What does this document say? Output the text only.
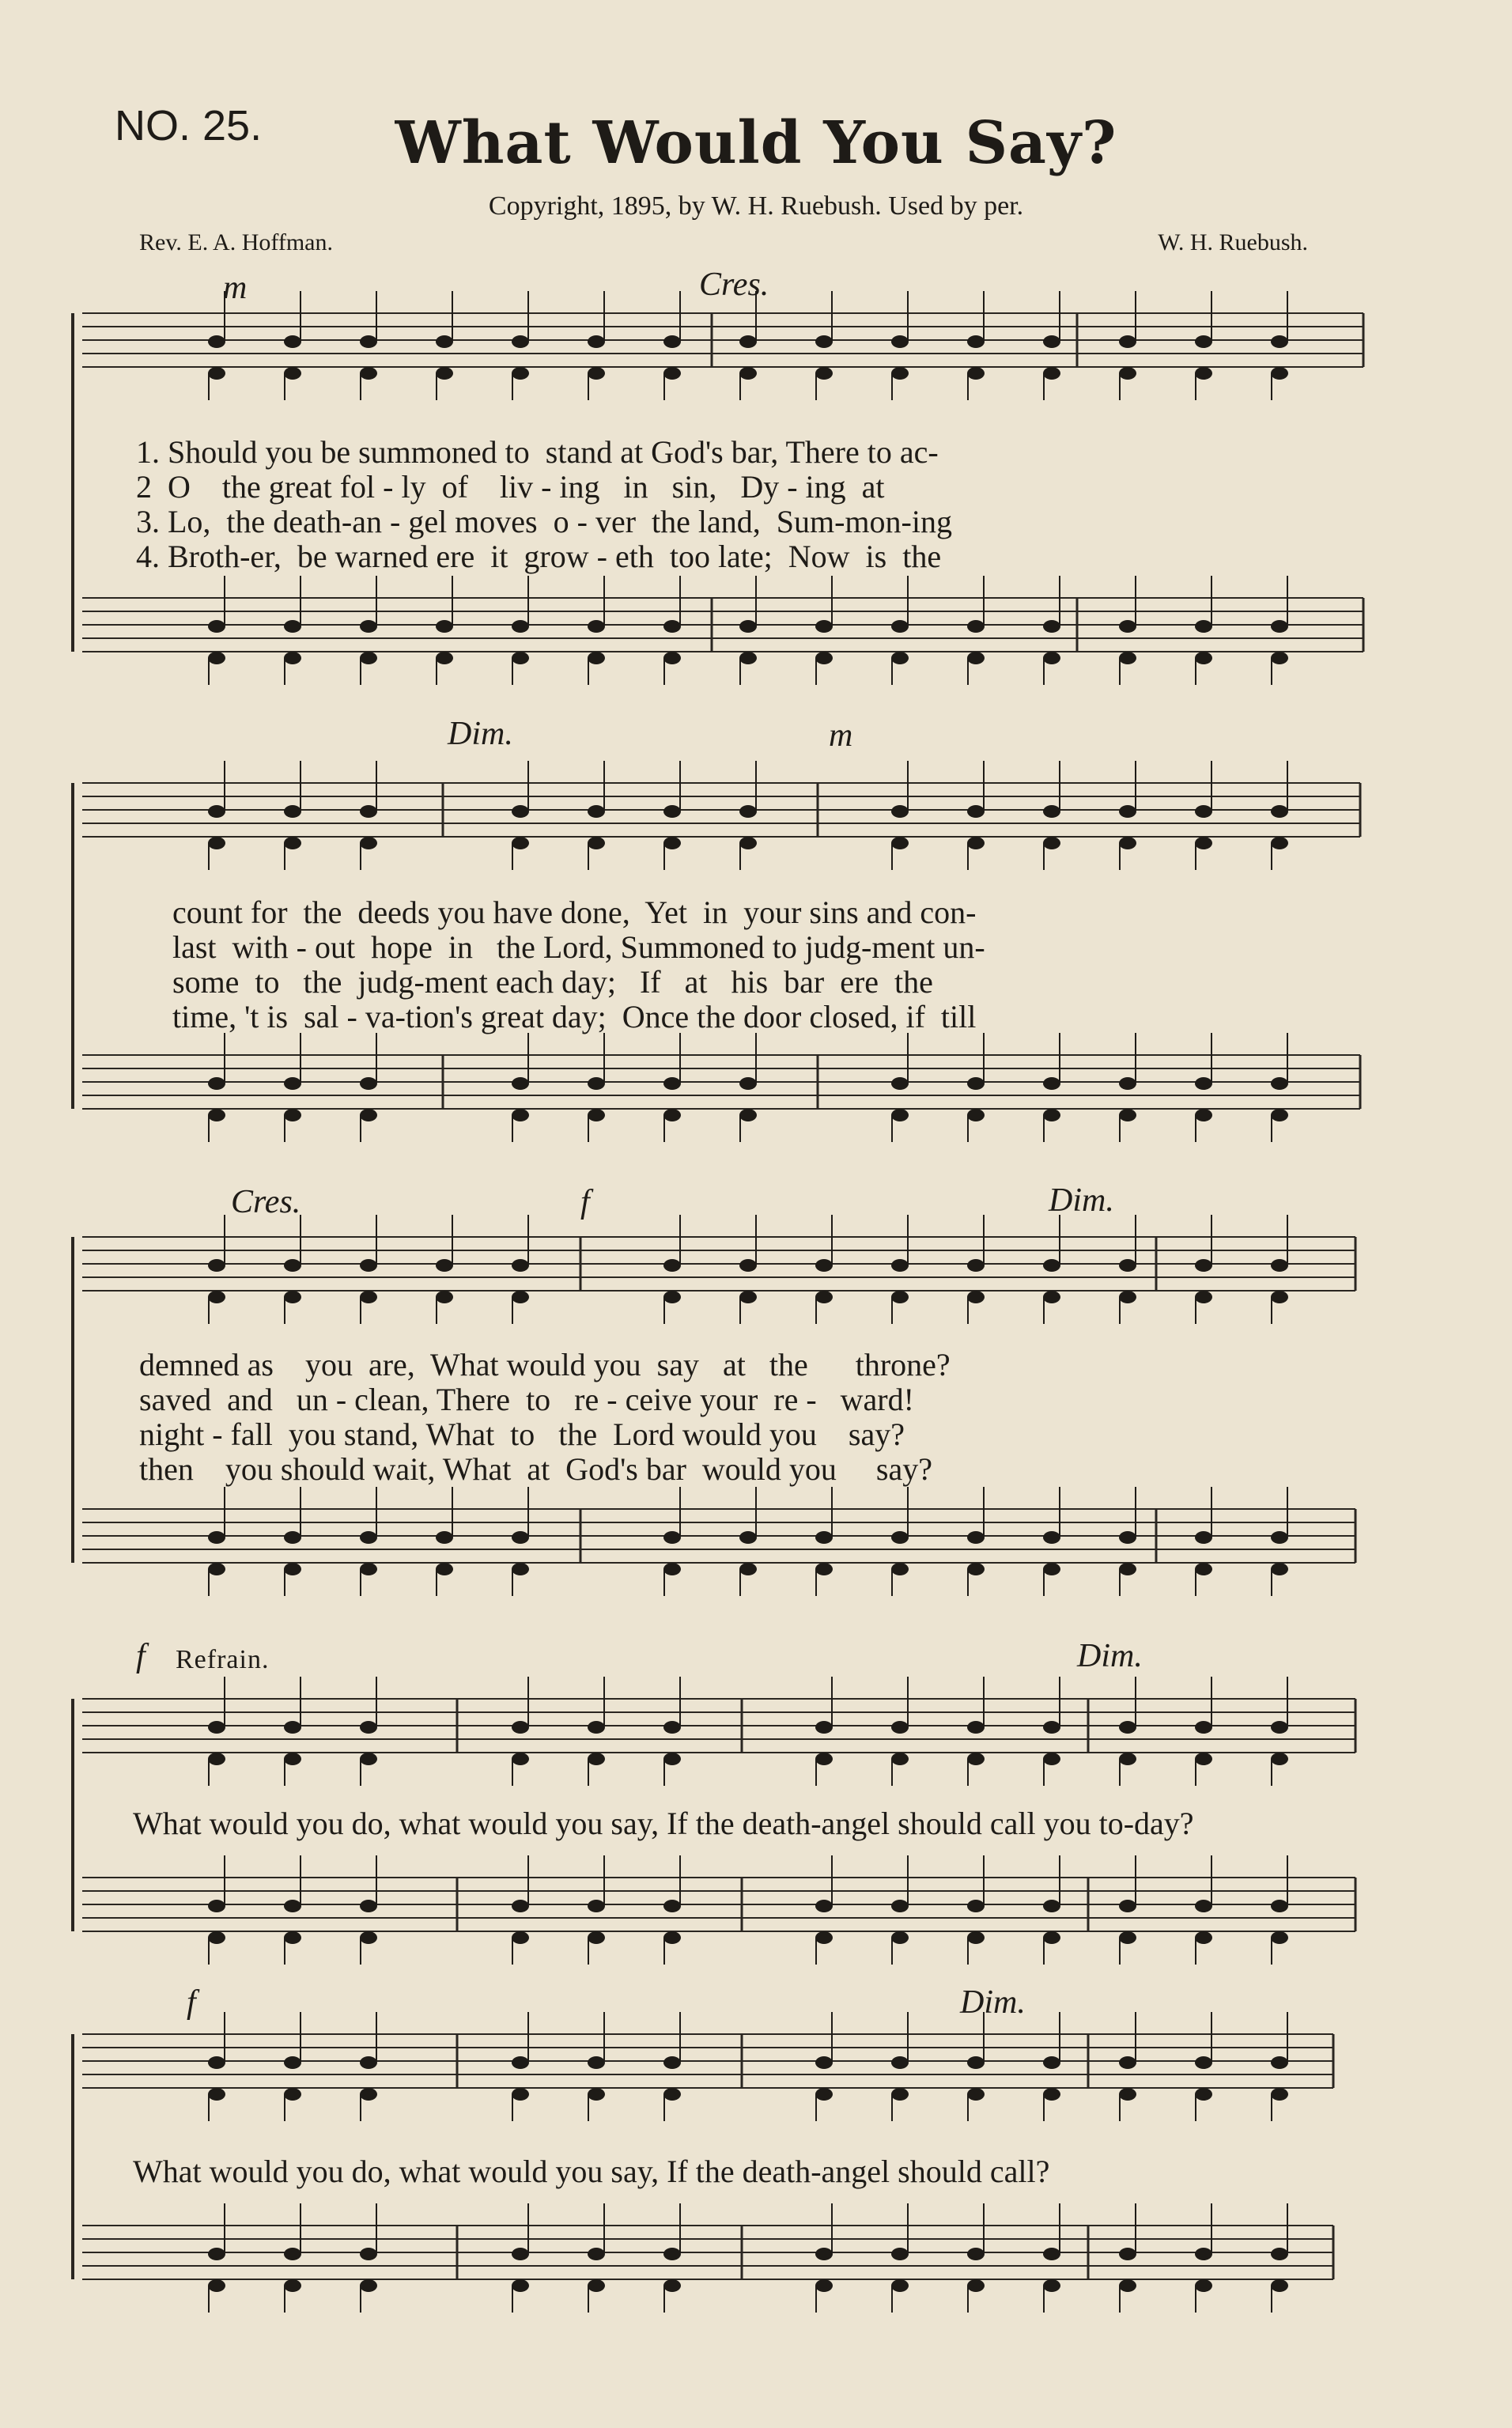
NO. 25.	What Would You Say?
Copyright, 1895, by W. H. Ruebush. Used by per.
Rev. E. A. Hoffman.	W. H. Ruebush.
m	Cres.
Dim.	m
Cres.	f	Dim.
f Refrain.	Dim.
f	Dim.
1. Should you be summoned to  stand at God's bar, There to ac-
2  O    the great fol - ly  of    liv - ing   in   sin,   Dy - ing  at
3. Lo,  the death-an - gel moves  o - ver  the land,  Sum-mon-ing
4. Broth-er,  be warned ere  it  grow - eth  too late;  Now  is  the
count for  the  deeds you have done,  Yet  in  your sins and con-
last  with - out  hope  in   the Lord, Summoned to judg-ment un-
some  to   the  judg-ment each day;   If   at   his  bar  ere  the
time, 't is  sal - va-tion's great day;  Once the door closed, if  till
demned as    you  are,  What would you  say   at   the      throne?
saved  and   un - clean, There  to   re - ceive your  re -   ward!
night - fall  you stand, What  to   the  Lord would you    say?
then    you should wait, What  at  God's bar  would you     say?
What would you do, what would you say, If the death-angel should call you to-day?
What would you do, what would you say, If the death-angel should call?
